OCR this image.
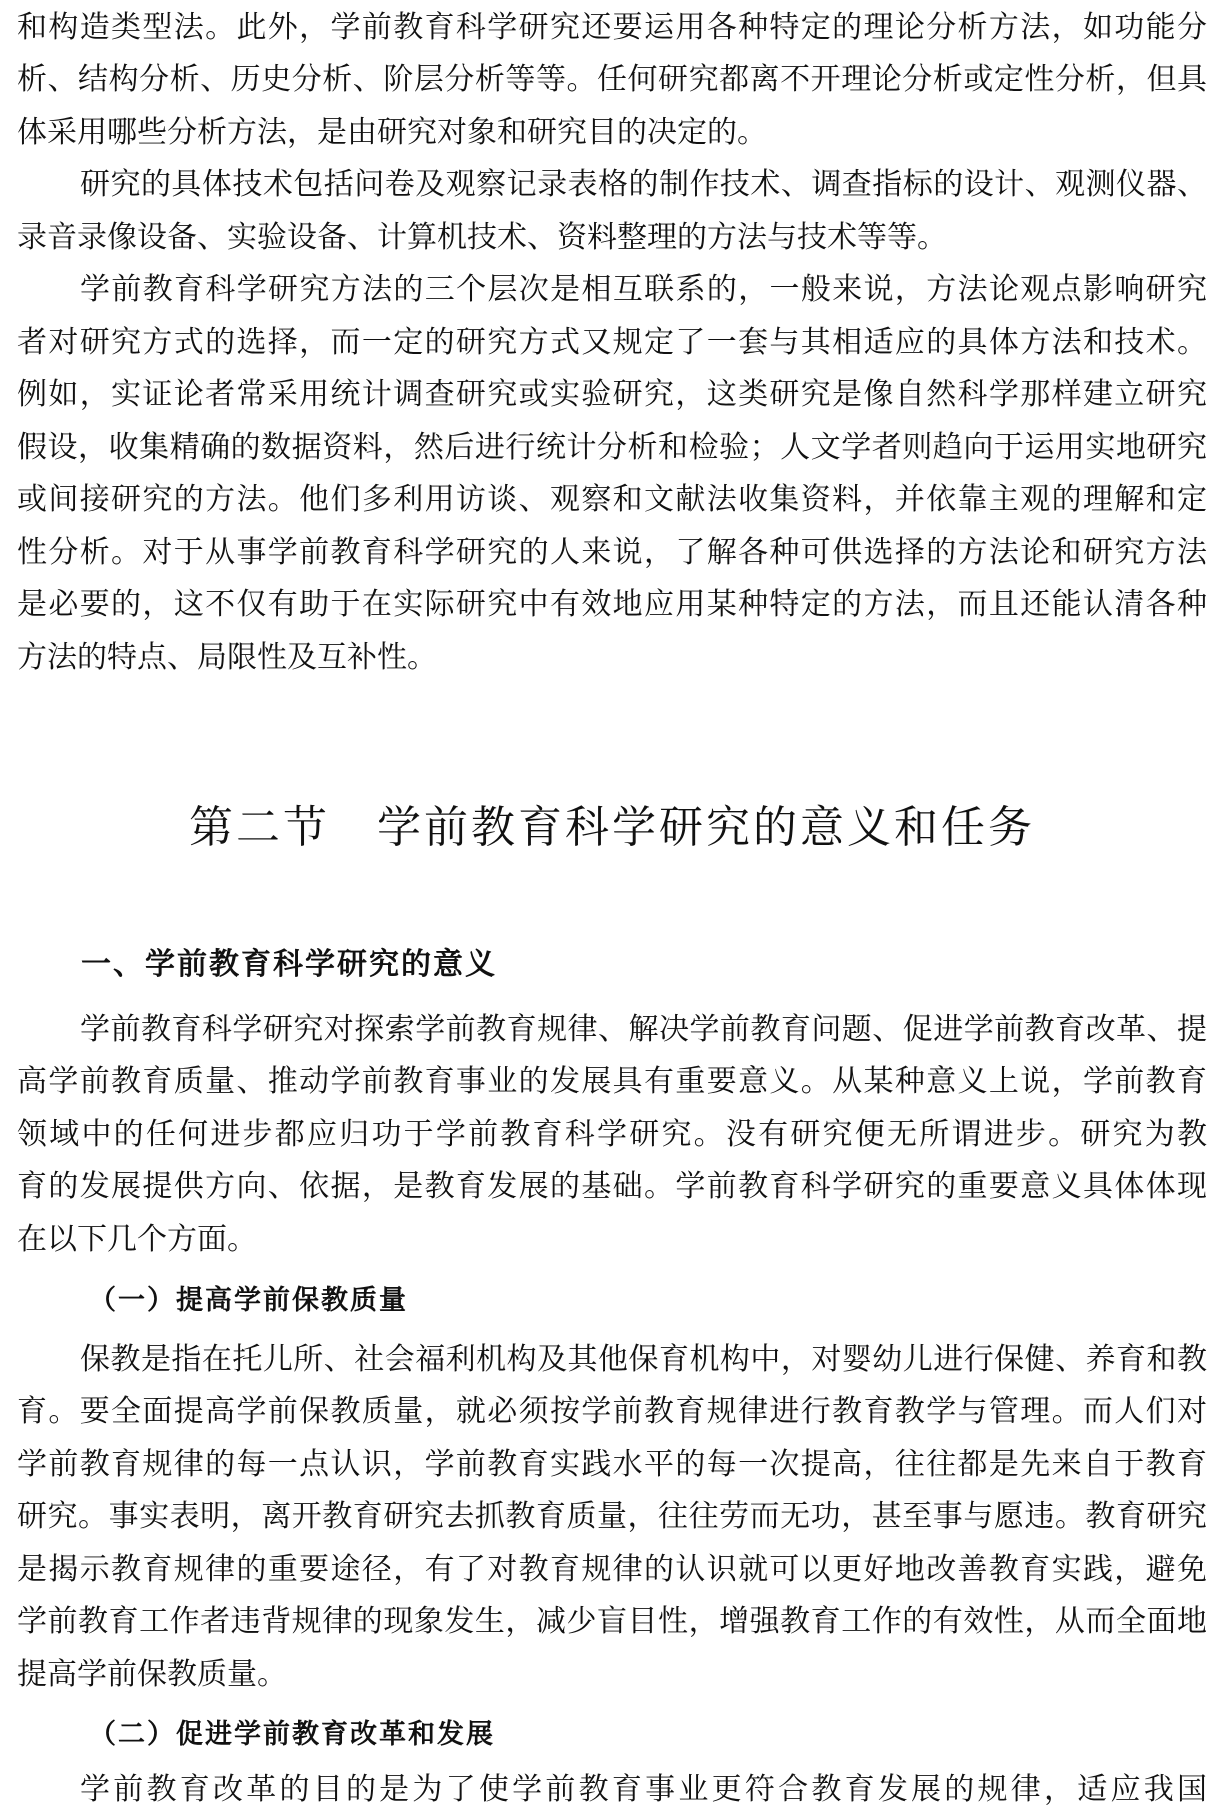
和构造类型法。此外，学前教育科学研究还要运用各种特定的理论分析方法，如功能分
析、结构分析、历史分析、阶层分析等等。任何研究都离不开理论分析或定性分析，但具
体采用哪些分析方法，是由研究对象和研究目的决定的。
研究的具体技术包括问卷及观察记录表格的制作技术、调查指标的设计、观测仪器、
录音录像设备、实验设备、计算机技术、资料整理的方法与技术等等。
学前教育科学研究方法的三个层次是相互联系的，一般来说，方法论观点影响研究
者对研究方式的选择，而一定的研究方式又规定了一套与其相适应的具体方法和技术。
例如，实证论者常采用统计调查研究或实验研究，这类研究是像自然科学那样建立研究
假设，收集精确的数据资料，然后进行统计分析和检验；人文学者则趋向于运用实地研究
或间接研究的方法。他们多利用访谈、观察和文献法收集资料，并依靠主观的理解和定
性分析。对于从事学前教育科学研究的人来说，了解各种可供选择的方法论和研究方法
是必要的，这不仅有助于在实际研究中有效地应用某种特定的方法，而且还能认清各种
方法的特点、局限性及互补性。
第二节　学前教育科学研究的意义和任务
一、学前教育科学研究的意义
学前教育科学研究对探索学前教育规律、解决学前教育问题、促进学前教育改革、提
高学前教育质量、推动学前教育事业的发展具有重要意义。从某种意义上说，学前教育
领域中的任何进步都应归功于学前教育科学研究。没有研究便无所谓进步。研究为教
育的发展提供方向、依据，是教育发展的基础。学前教育科学研究的重要意义具体体现
在以下几个方面。
（一）提高学前保教质量
保教是指在托儿所、社会福利机构及其他保育机构中，对婴幼儿进行保健、养育和教
育。要全面提高学前保教质量，就必须按学前教育规律进行教育教学与管理。而人们对
学前教育规律的每一点认识，学前教育实践水平的每一次提高，往往都是先来自于教育
研究。事实表明，离开教育研究去抓教育质量，往往劳而无功，甚至事与愿违。教育研究
是揭示教育规律的重要途径，有了对教育规律的认识就可以更好地改善教育实践，避免
学前教育工作者违背规律的现象发生，减少盲目性，增强教育工作的有效性，从而全面地
提高学前保教质量。
（二）促进学前教育改革和发展
学前教育改革的目的是为了使学前教育事业更符合教育发展的规律，适应我国
